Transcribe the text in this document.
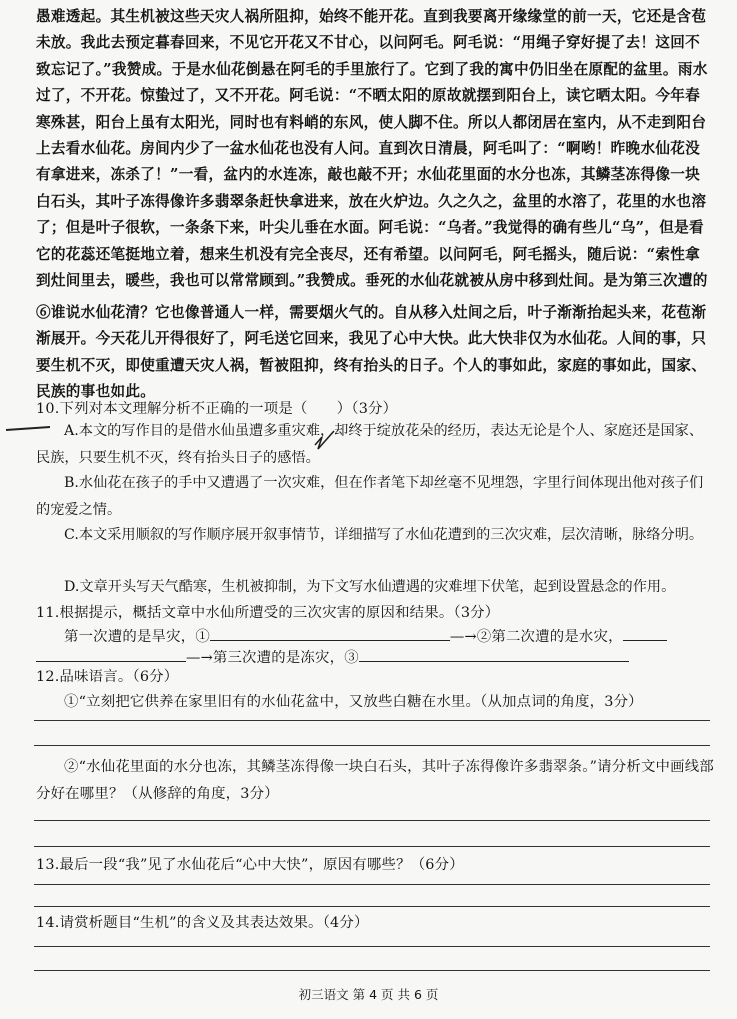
愚难透起。其生机被这些天灾人祸所阻抑，始终不能开花。直到我要离开缘缘堂的前一天，它还是含苞未放。我此去预定暮春回来，不见它开花又不甘心，以问阿毛。阿毛说：“用绳子穿好提了去！这回不致忘记了。”我赞成。于是水仙花倒悬在阿毛的手里旅行了。它到了我的寓中仍旧坐在原配的盆里。雨水过了，不开花。惊蛰过了，又不开花。阿毛说：“不晒太阳的原故就摆到阳台上，读它晒太阳。今年春寒殊甚，阳台上虽有太阳光，同时也有料峭的东风，使人脚不住。所以人都闭居在室内，从不走到阳台上去看水仙花。房间内少了一盆水仙花也没有人问。直到次日清晨，阿毛叫了：“啊哟！昨晚水仙花没有拿进来，冻杀了！”一看，盆内的水连冻，敲也敲不开；水仙花里面的水分也冻，其鳞茎冻得像一块白石头，其叶子冻得像许多翡翠条赶快拿进来，放在火炉边。久之久之，盆里的水溶了，花里的水也溶了；但是叶子很软，一条条下来，叶尖儿垂在水面。阿毛说：“乌者。”我觉得的确有些儿“乌”，但是看它的花蕊还笔挺地立着，想来生机没有完全丧尽，还有希望。以问阿毛，阿毛摇头，随后说：“索性拿到灶间里去，暖些，我也可以常常顾到。”我赞成。垂死的水仙花就被从房中移到灶间。是为第三次遭的
⑥谁说水仙花清？它也像普通人一样，需要烟火气的。自从移入灶间之后，叶子渐渐抬起头来，花苞渐渐展开。今天花儿开得很好了，阿毛送它回来，我见了心中大快。此大快非仅为水仙花。人间的事，只要生机不灭，即使重遭天灾人祸，暂被阻抑，终有抬头的日子。个人的事如此，家庭的事如此，国家、民族的事也如此。
10.下列对本文理解分析不正确的一项是（　　）（3分）
A.本文的写作目的是借水仙虽遭多重灾难，却终于绽放花朵的经历，表达无论是个人、家庭还是国家、民族，只要生机不灭，终有抬头日子的感悟。
B.水仙花在孩子的手中又遭遇了一次灾难，但在作者笔下却丝毫不见埋怨，字里行间体现出他对孩子们的宠爱之情。
C.本文采用顺叙的写作顺序展开叙事情节，详细描写了水仙花遭到的三次灾难，层次清晰，脉络分明。
D.文章开头写天气酷寒，生机被抑制，为下文写水仙遭遇的灾难埋下伏笔，起到设置悬念的作用。
11.根据提示，概括文章中水仙所遭受的三次灾害的原因和结果。（3分）
第一次遭的是旱灾，①	—→②第二次遭的是水灾，
—→第三次遭的是冻灾，③
②“水仙花里面的水分也冻，其鳞茎冻得像一块白石头，其叶子冻得像许多翡翠条。”请分析文中画线部分好在哪里？（从修辞的角度，3分）
13.最后一段“我”见了水仙花后“心中大快”，原因有哪些？（6分）
14.请赏析题目“生机”的含义及其表达效果。（4分）
初三语文 第 4 页 共 6 页
12.品味语言。（6分）
①“立刻把它供养在家里旧有的水仙花盆中，又放些白糖在水里。（从加点词的角度，3分）
